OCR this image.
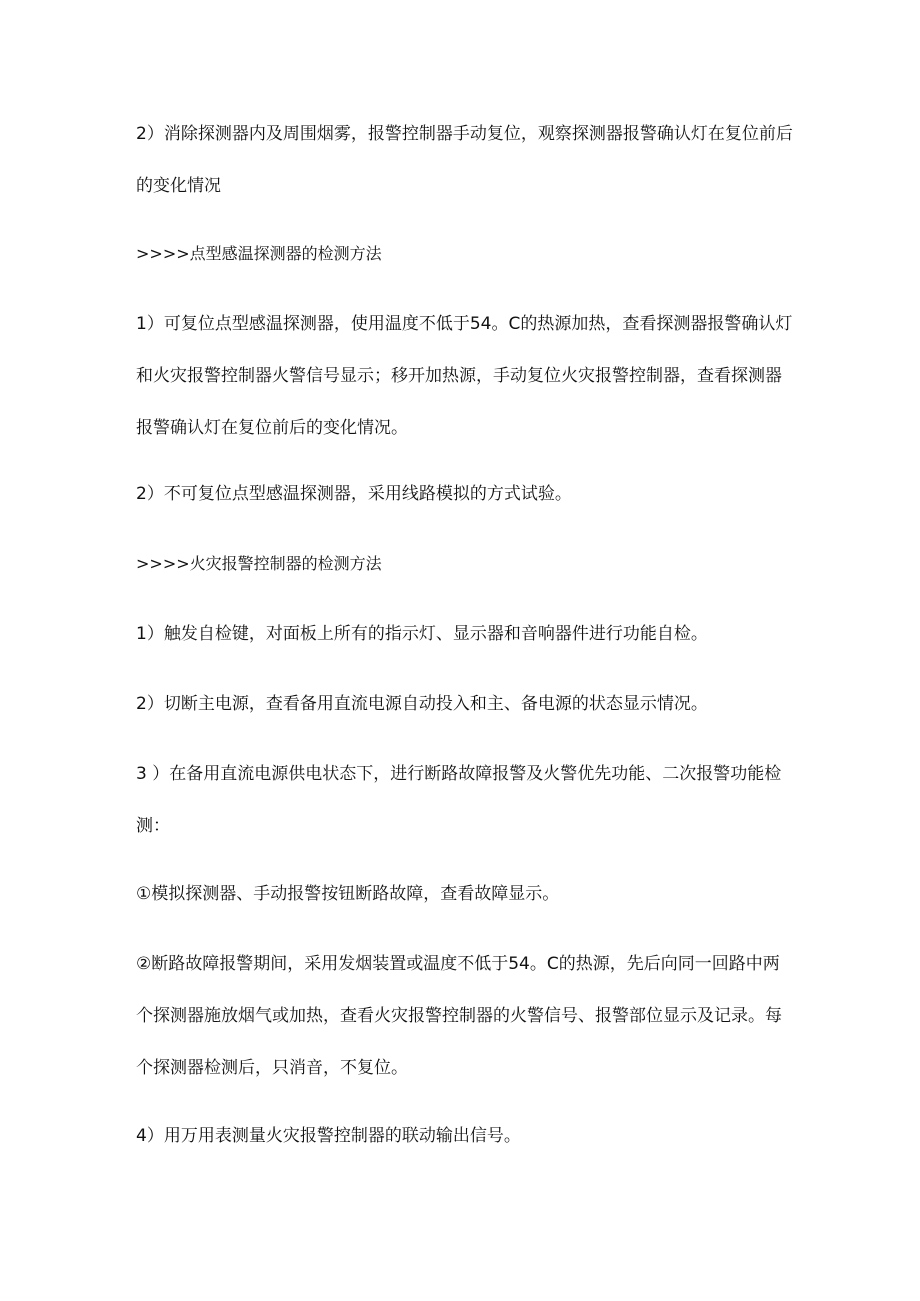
2）消除探测器内及周围烟雾，报警控制器手动复位，观察探测器报警确认灯在复位前后的变化情况

>>>>点型感温探测器的检测方法

1）可复位点型感温探测器，使用温度不低于54。C的热源加热，查看探测器报警确认灯和火灾报警控制器火警信号显示；移开加热源，手动复位火灾报警控制器，查看探测器报警确认灯在复位前后的变化情况。

2）不可复位点型感温探测器，采用线路模拟的方式试验。

>>>>火灾报警控制器的检测方法

1）触发自检键，对面板上所有的指示灯、显示器和音响器件进行功能自检。

2）切断主电源，查看备用直流电源自动投入和主、备电源的状态显示情况。

3 ）在备用直流电源供电状态下，进行断路故障报警及火警优先功能、二次报警功能检测：

①模拟探测器、手动报警按钮断路故障，查看故障显示。

②断路故障报警期间，采用发烟装置或温度不低于54。C的热源，先后向同一回路中两个探测器施放烟气或加热，查看火灾报警控制器的火警信号、报警部位显示及记录。每个探测器检测后，只消音，不复位。

4）用万用表测量火灾报警控制器的联动输出信号。
